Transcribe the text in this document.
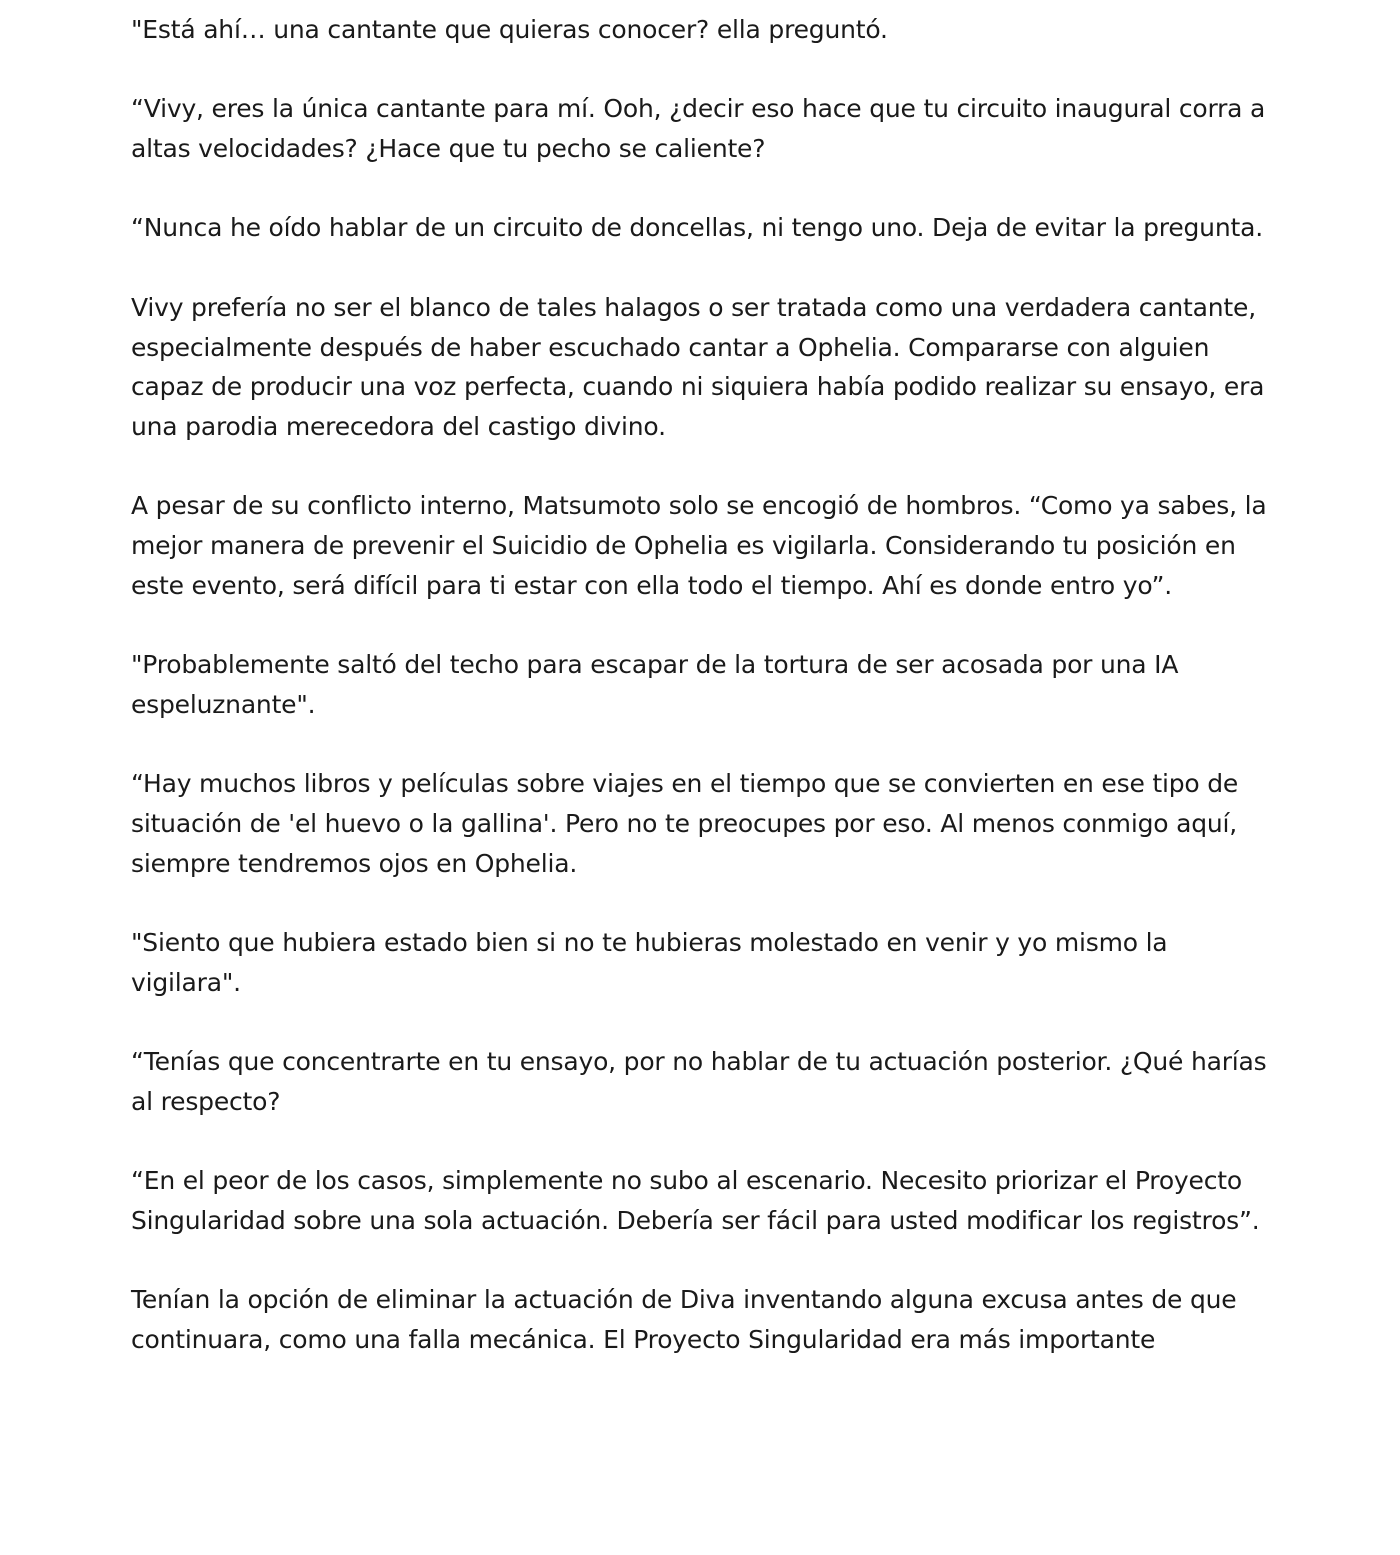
"Está ahí… una cantante que quieras conocer? ella preguntó.

“Vivy, eres la única cantante para mí. Ooh, ¿decir eso hace que tu circuito inaugural corra a altas velocidades? ¿Hace que tu pecho se caliente?

“Nunca he oído hablar de un circuito de doncellas, ni tengo uno. Deja de evitar la pregunta.

Vivy prefería no ser el blanco de tales halagos o ser tratada como una verdadera cantante, especialmente después de haber escuchado cantar a Ophelia. Compararse con alguien capaz de producir una voz perfecta, cuando ni siquiera había podido realizar su ensayo, era una parodia merecedora del castigo divino.

A pesar de su conflicto interno, Matsumoto solo se encogió de hombros. “Como ya sabes, la mejor manera de prevenir el Suicidio de Ophelia es vigilarla. Considerando tu posición en este evento, será difícil para ti estar con ella todo el tiempo. Ahí es donde entro yo”.

"Probablemente saltó del techo para escapar de la tortura de ser acosada por una IA espeluznante".

“Hay muchos libros y películas sobre viajes en el tiempo que se convierten en ese tipo de situación de 'el huevo o la gallina'. Pero no te preocupes por eso. Al menos conmigo aquí, siempre tendremos ojos en Ophelia.

"Siento que hubiera estado bien si no te hubieras molestado en venir y yo mismo la vigilara".

“Tenías que concentrarte en tu ensayo, por no hablar de tu actuación posterior. ¿Qué harías al respecto?

“En el peor de los casos, simplemente no subo al escenario. Necesito priorizar el Proyecto Singularidad sobre una sola actuación. Debería ser fácil para usted modificar los registros”.

Tenían la opción de eliminar la actuación de Diva inventando alguna excusa antes de que continuara, como una falla mecánica. El Proyecto Singularidad era más importante
